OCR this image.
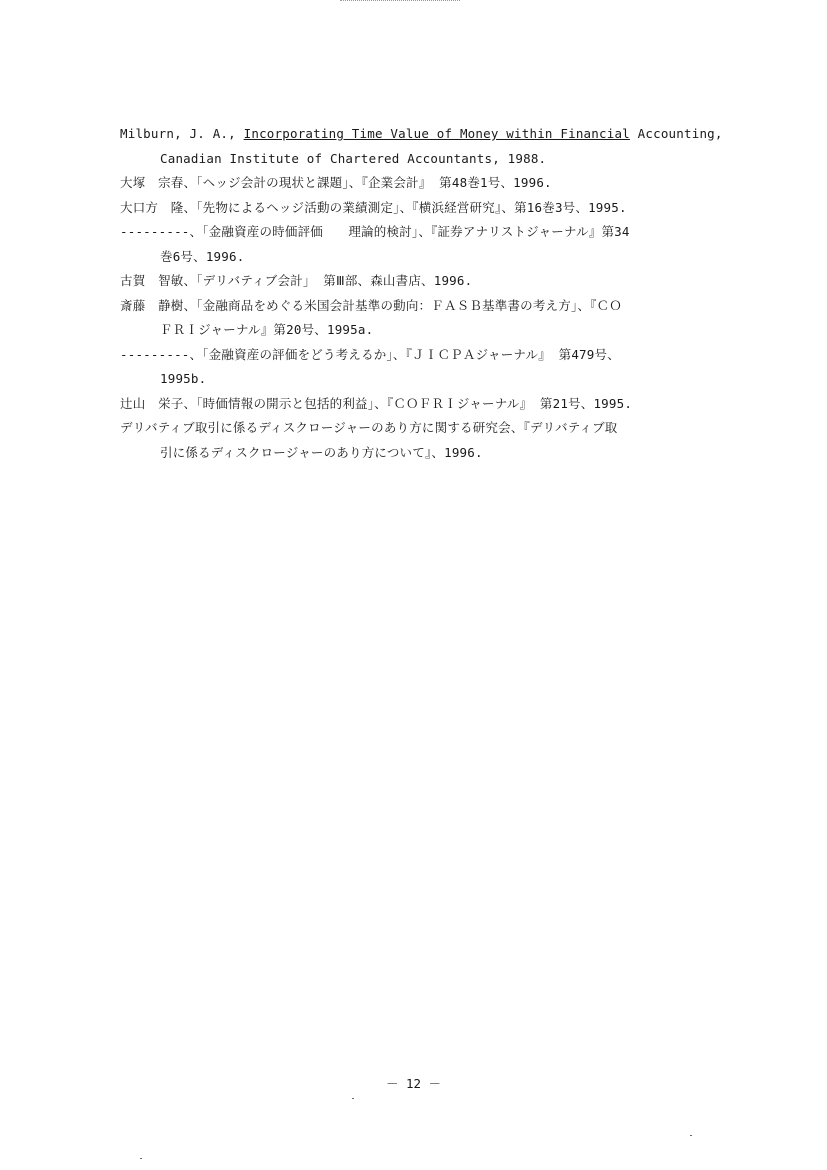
Milburn, J. A., Incorporating Time Value of Money within Financial Accounting,
Canadian Institute of Chartered Accountants, 1988.
大塚　宗春、「ヘッジ会計の現状と課題」、『企業会計』 第48巻1号、1996.
大口方　隆、「先物によるヘッジ活動の業績測定」、『横浜経営研究』、第16巻3号、1995.
---------、「金融資産の時価評価　　理論的検討」、『証券アナリストジャーナル』第34
巻6号、1996.
古賀　智敏、「デリバティブ会計」 第Ⅲ部、森山書店、1996.
斎藤　静樹、「金融商品をめぐる米国会計基準の動向：ＦＡＳＢ基準書の考え方」、『ＣＯ
ＦＲＩジャーナル』第20号、1995a.
---------、「金融資産の評価をどう考えるか」、『ＪＩＣＰＡジャーナル』 第479号、
1995b.
辻山　栄子、「時価情報の開示と包括的利益」、『ＣＯＦＲＩジャーナル』 第21号、1995.
デリバティブ取引に係るディスクロージャーのあり方に関する研究会、『デリバティブ取
引に係るディスクロージャーのあり方について』、1996.
－ 12 －
